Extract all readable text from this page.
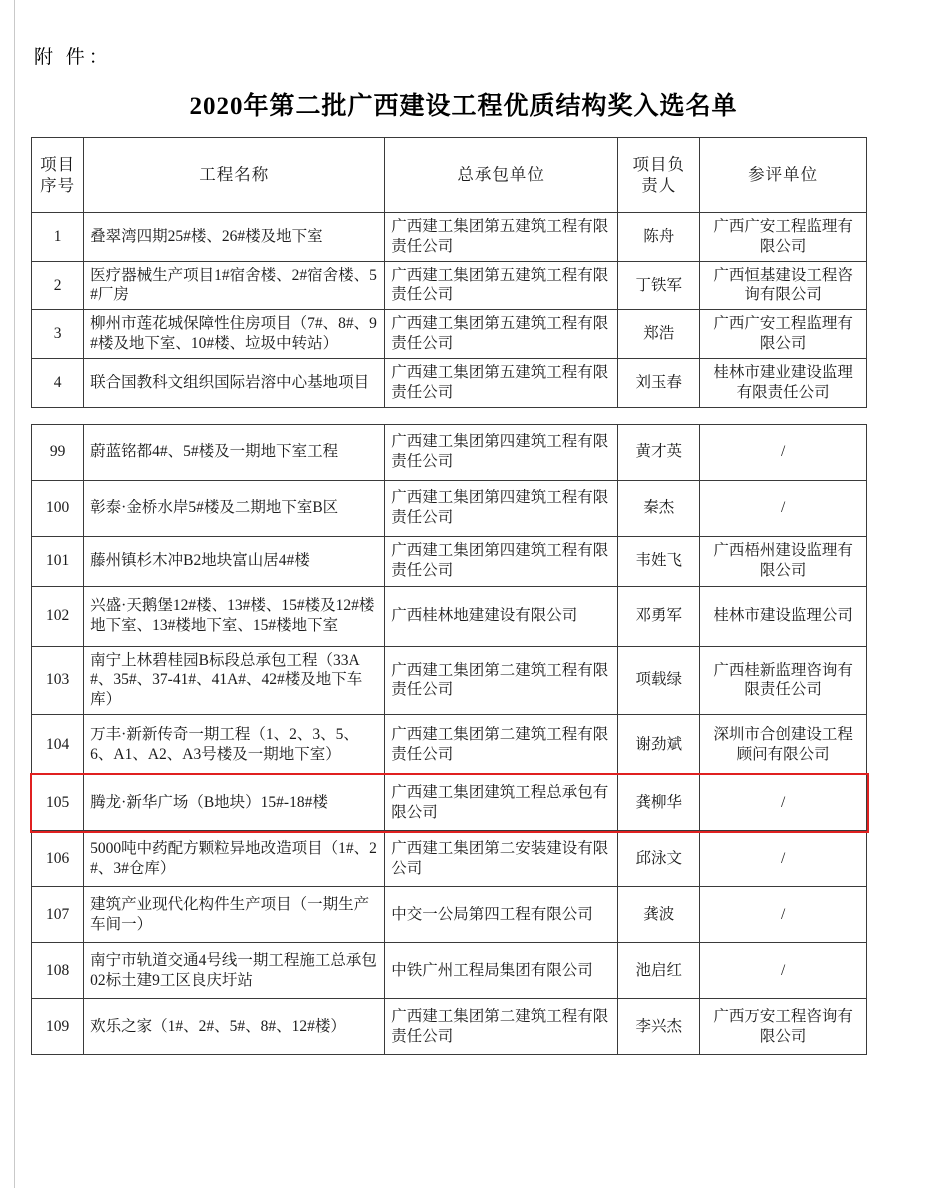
附 件：
2020年第二批广西建设工程优质结构奖入选名单
项目序号	工程名称	总承包单位	项目负责人	参评单位
1	叠翠湾四期25#楼、26#楼及地下室	广西建工集团第五建筑工程有限责任公司	陈舟	广西广安工程监理有限公司
2	医疗器械生产项目1#宿舍楼、2#宿舍楼、5#厂房	广西建工集团第五建筑工程有限责任公司	丁铁军	广西恒基建设工程咨询有限公司
3	柳州市莲花城保障性住房项目（7#、8#、9#楼及地下室、10#楼、垃圾中转站）	广西建工集团第五建筑工程有限责任公司	郑浩	广西广安工程监理有限公司
4	联合国教科文组织国际岩溶中心基地项目	广西建工集团第五建筑工程有限责任公司	刘玉春	桂林市建业建设监理有限责任公司
99	蔚蓝铭都4#、5#楼及一期地下室工程	广西建工集团第四建筑工程有限责任公司	黄才英	/
100	彰泰·金桥水岸5#楼及二期地下室B区	广西建工集团第四建筑工程有限责任公司	秦杰	/
101	藤州镇杉木冲B2地块富山居4#楼	广西建工集团第四建筑工程有限责任公司	韦姓飞	广西梧州建设监理有限公司
102	兴盛·天鹅堡12#楼、13#楼、15#楼及12#楼地下室、13#楼地下室、15#楼地下室	广西桂林地建建设有限公司	邓勇军	桂林市建设监理公司
103	南宁上林碧桂园B标段总承包工程（33A#、35#、37-41#、41A#、42#楼及地下车库）	广西建工集团第二建筑工程有限责任公司	项载绿	广西桂新监理咨询有限责任公司
104	万丰·新新传奇一期工程（1、2、3、5、6、A1、A2、A3号楼及一期地下室）	广西建工集团第二建筑工程有限责任公司	谢劲斌	深圳市合创建设工程顾问有限公司
105	腾龙·新华广场（B地块）15#-18#楼	广西建工集团建筑工程总承包有限公司	龚柳华	/
106	5000吨中药配方颗粒异地改造项目（1#、2#、3#仓库）	广西建工集团第二安装建设有限公司	邱泳文	/
107	建筑产业现代化构件生产项目（一期生产车间一）	中交一公局第四工程有限公司	龚波	/
108	南宁市轨道交通4号线一期工程施工总承包02标土建9工区良庆圩站	中铁广州工程局集团有限公司	池启红	/
109	欢乐之家（1#、2#、5#、8#、12#楼）	广西建工集团第二建筑工程有限责任公司	李兴杰	广西万安工程咨询有限公司
